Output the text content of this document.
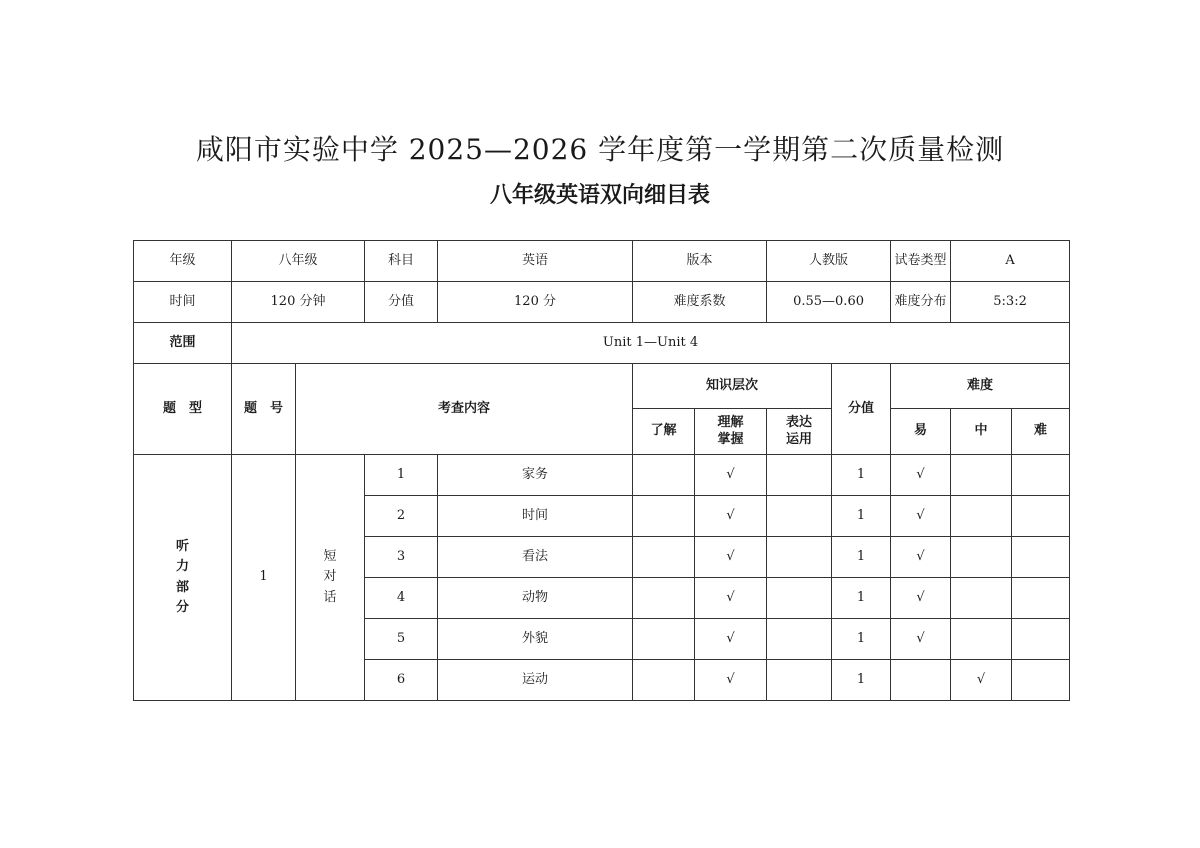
咸阳市实验中学 2025—2026 学年度第一学期第二次质量检测
八年级英语双向细目表
年级	八年级		科目	英语	版本		人教版		试卷类型	A	
时间	120 分钟		分值	120 分	难度系数		0.55—0.60		难度分布	5:3:2	
范围	Unit 1—Unit 4										
题　型	题　号	考查内容			知识层次			分值	难度		
					了解	理解掌握	表达运用		易	中	难
听力部分	1	短对话	1	家务		√		1	√		
			2	时间		√		1	√		
			3	看法		√		1	√		
			4	动物		√		1	√		
			5	外貌		√		1	√		
			6	运动		√		1		√	
